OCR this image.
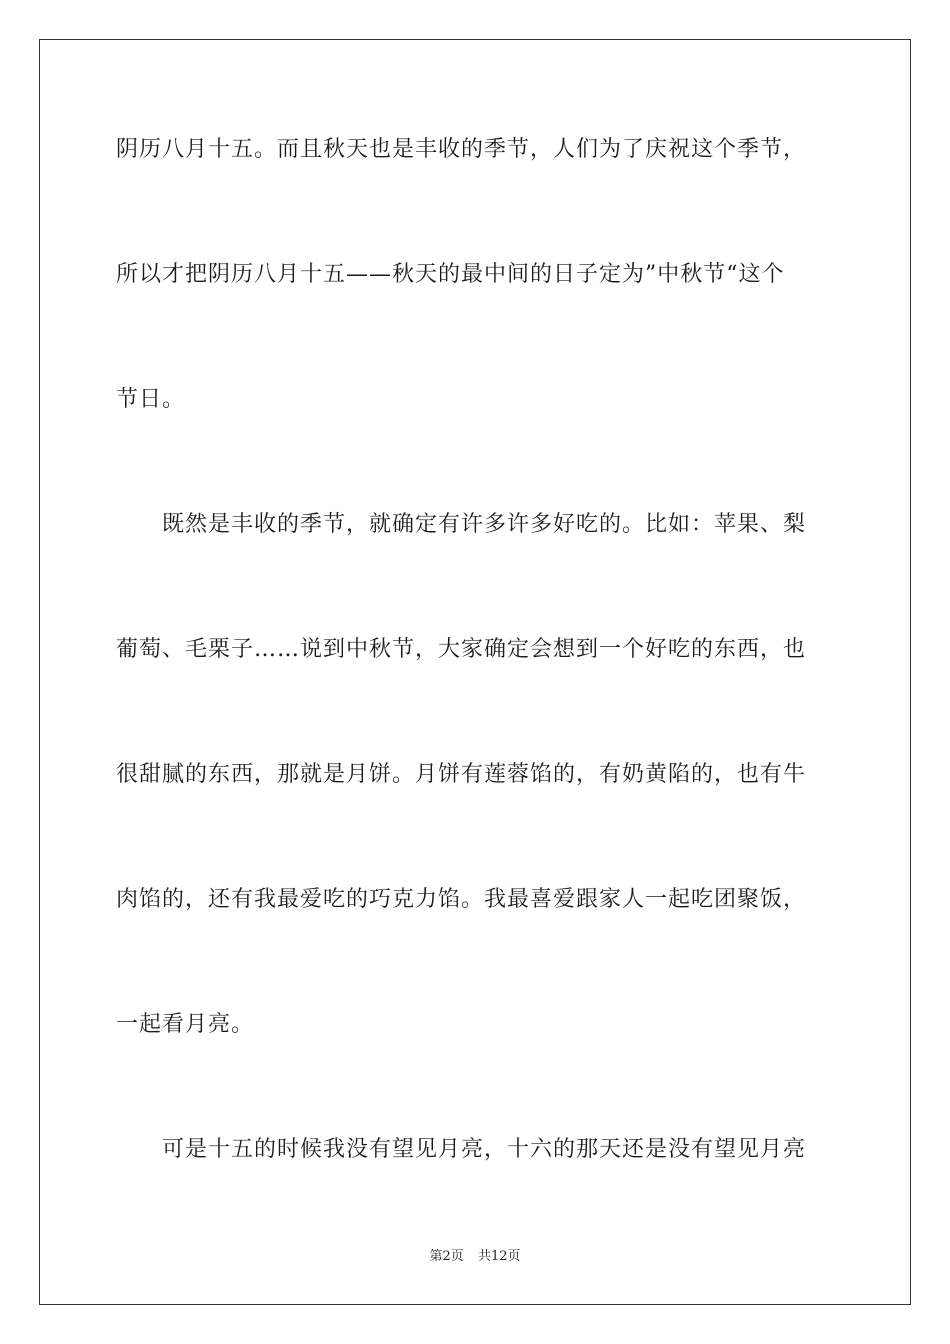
阴历八月十五。而且秋天也是丰收的季节，人们为了庆祝这个季节，
所以才把阴历八月十五——秋天的最中间的日子定为”中秋节“这个
节日。
　　既然是丰收的季节，就确定有许多许多好吃的。比如：苹果、梨
葡萄、毛栗子……说到中秋节，大家确定会想到一个好吃的东西，也
很甜腻的东西，那就是月饼。月饼有莲蓉馅的，有奶黄陷的，也有牛
肉馅的，还有我最爱吃的巧克力馅。我最喜爱跟家人一起吃团聚饭，
一起看月亮。
　　可是十五的时候我没有望见月亮，十六的那天还是没有望见月亮
第2页 共12页
